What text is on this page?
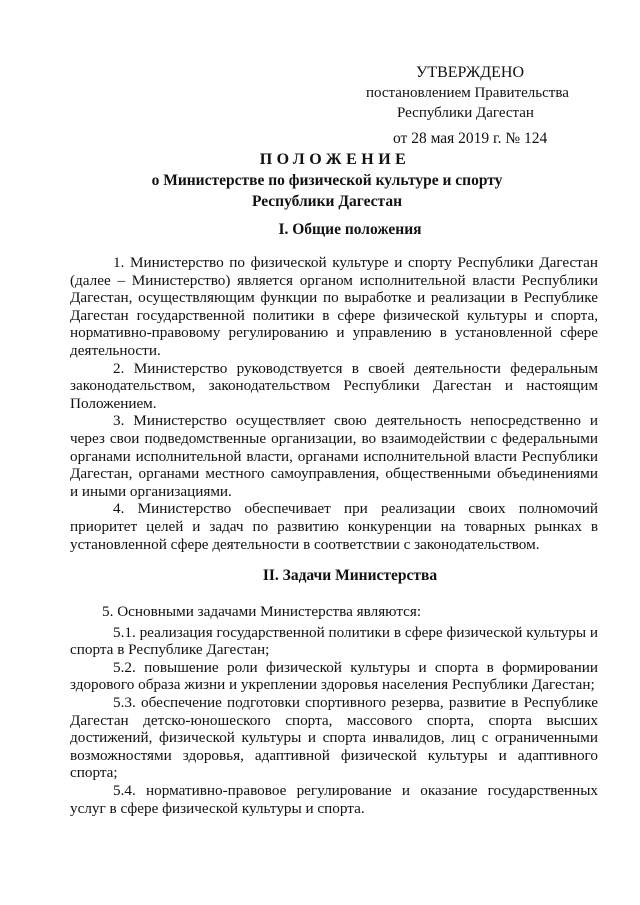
УТВЕРЖДЕНО
постановлением Правительства
Республики Дагестан
от 28 мая 2019 г. № 124
ПОЛОЖЕНИЕ
о Министерстве по физической культуре и спорту
Республики Дагестан
I. Общие положения

1. Министерство по физической культуре и спорту Республики Дагестан (далее – Министерство) является органом исполнительной власти Республики Дагестан, осуществляющим функции по выработке и реализации в Республике Дагестан государственной политики в сфере физической культуры и спорта, нормативно-правовому регулированию и управлению в установленной сфере деятельности.

2. Министерство руководствуется в своей деятельности федеральным законодательством, законодательством Республики Дагестан и настоящим Положением.

3. Министерство осуществляет свою деятельность непосредственно и через свои подведомственные организации, во взаимодействии с федеральными органами исполнительной власти, органами исполнительной власти Республики Дагестан, органами местного самоуправления, общественными объединениями и иными организациями.

4. Министерство обеспечивает при реализации своих полномочий приоритет целей и задач по развитию конкуренции на товарных рынках в установленной сфере деятельности в соответствии с законодательством.

II. Задачи Министерства

5. Основными задачами Министерства являются:

5.1. реализация государственной политики в сфере физической культуры и спорта в Республике Дагестан;

5.2. повышение роли физической культуры и спорта в формировании здорового образа жизни и укреплении здоровья населения Республики Дагестан;

5.3. обеспечение подготовки спортивного резерва, развитие в Республике Дагестан детско-юношеского спорта, массового спорта, спорта высших достижений, физической культуры и спорта инвалидов, лиц с ограниченными возможностями здоровья, адаптивной физической культуры и адаптивного спорта;

5.4. нормативно-правовое регулирование и оказание государственных услуг в сфере физической культуры и спорта.
